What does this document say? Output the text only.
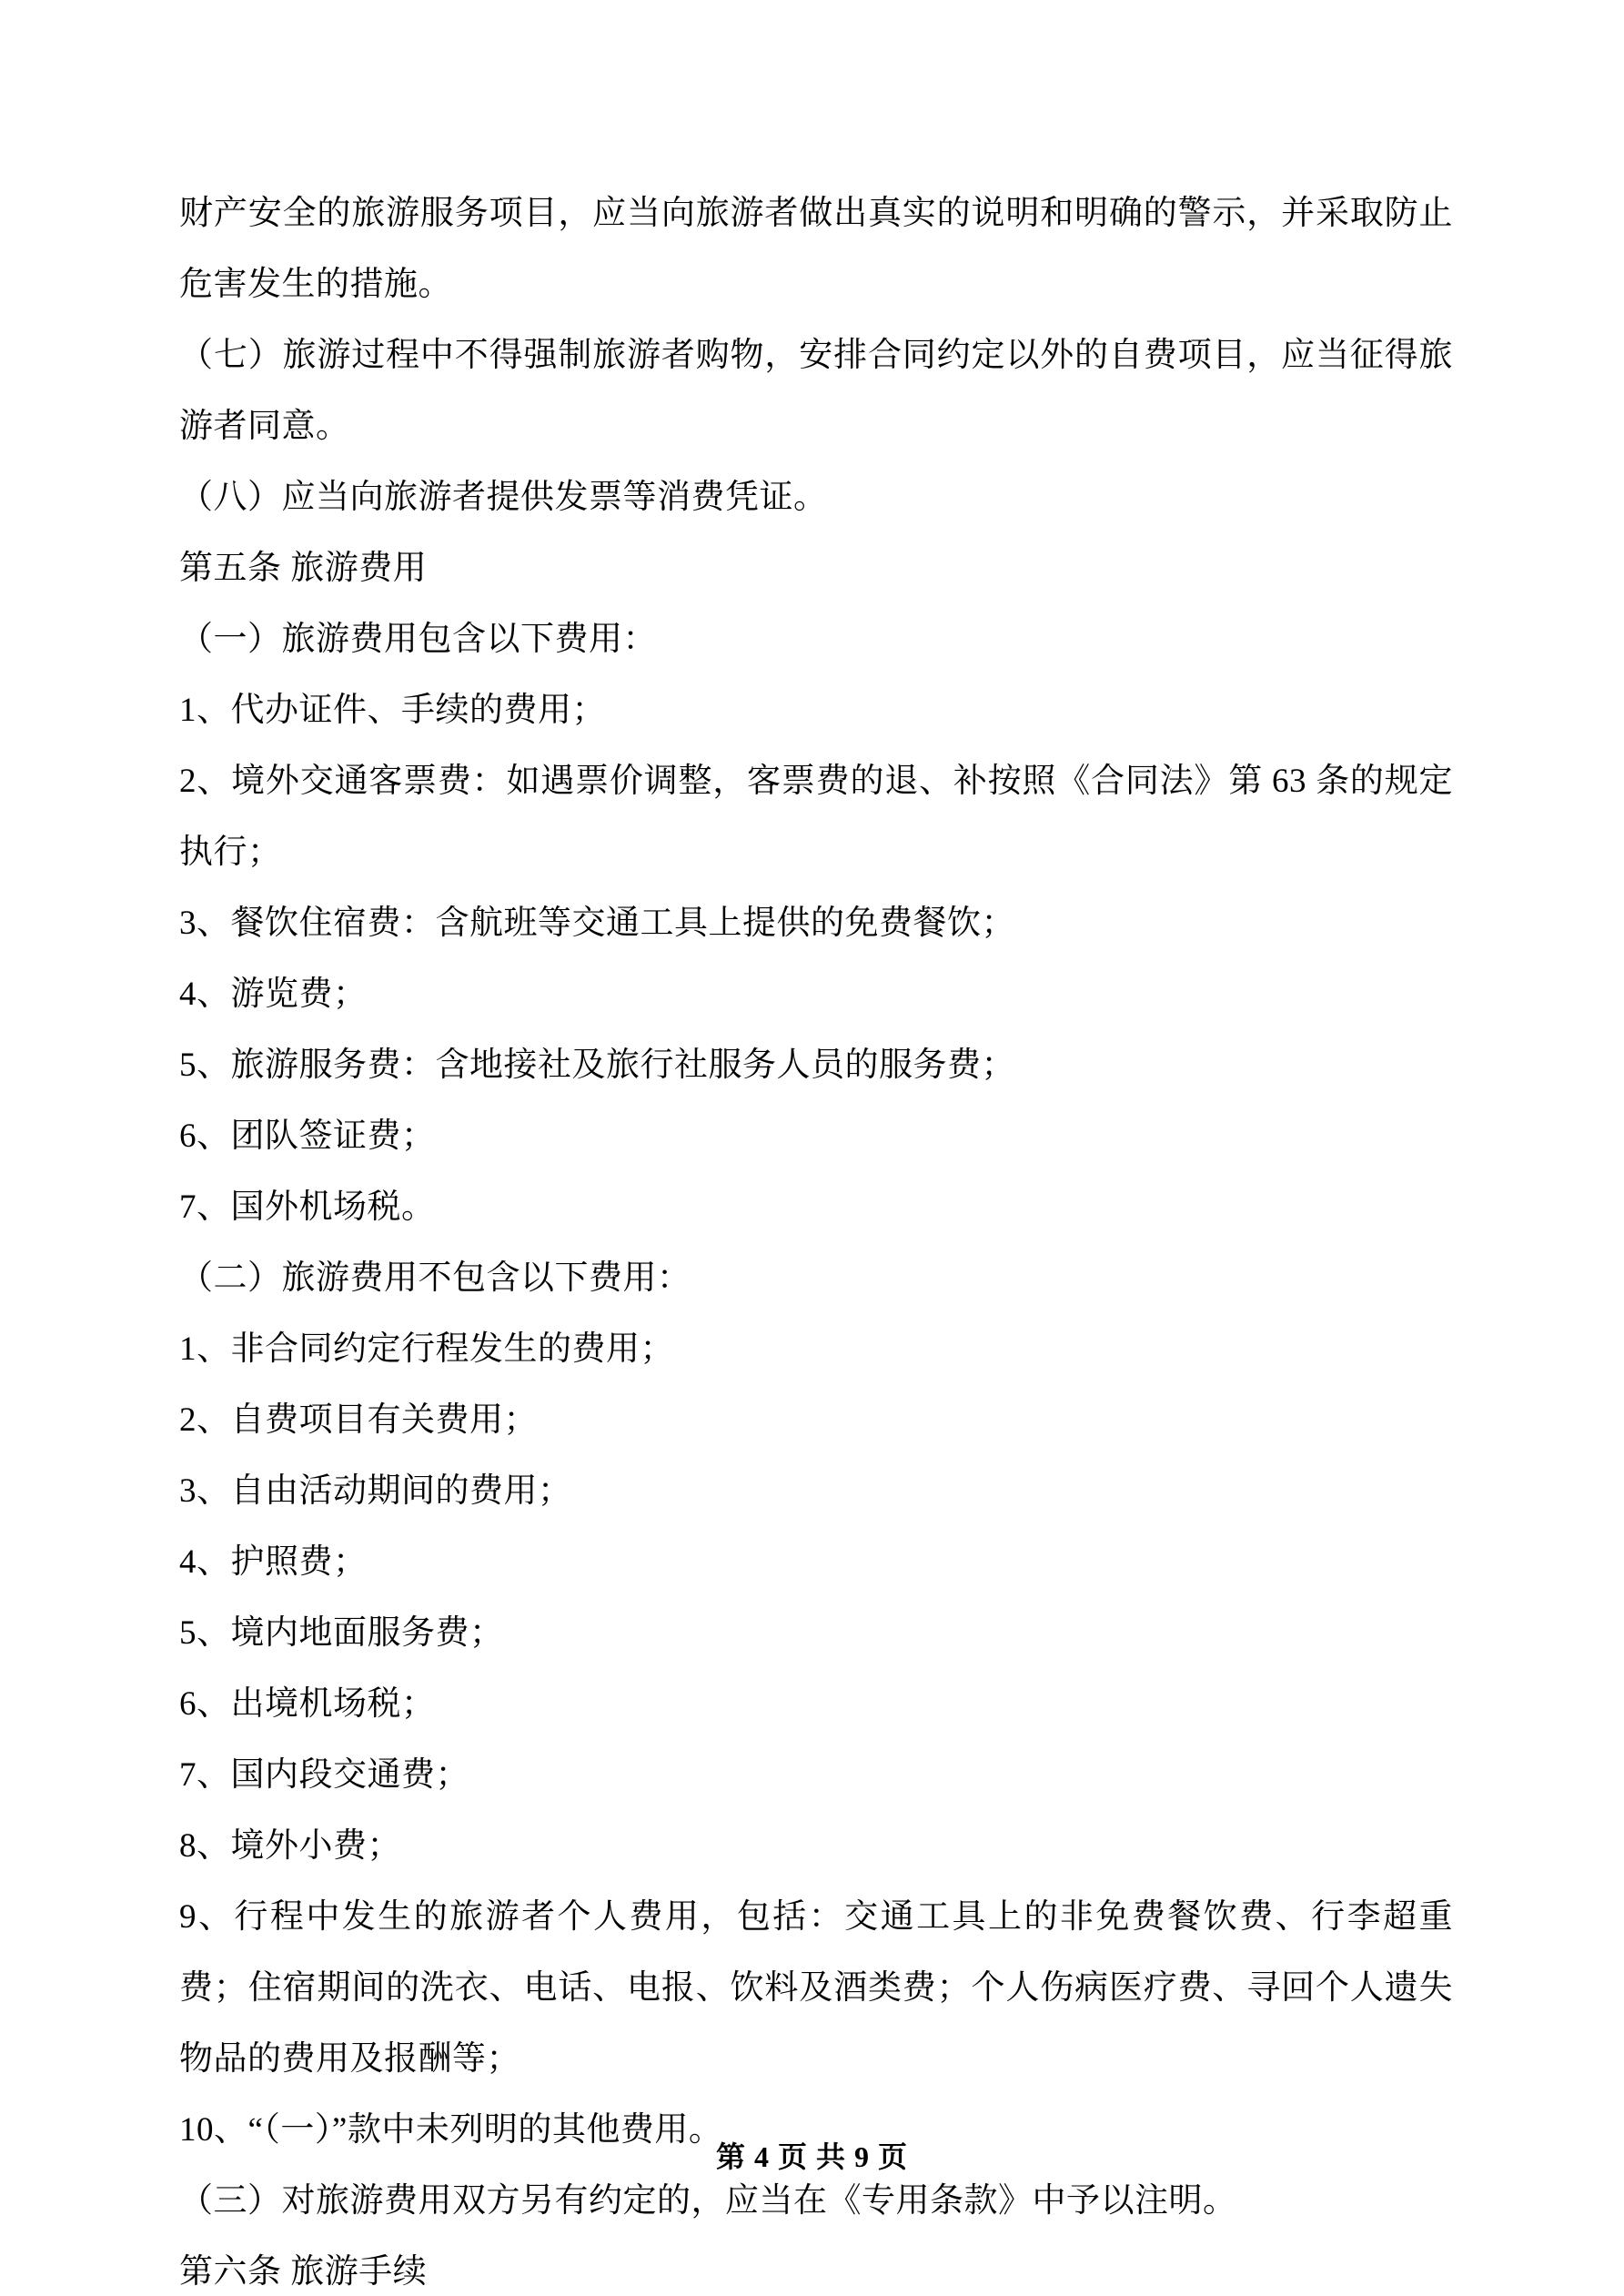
财产安全的旅游服务项目，应当向旅游者做出真实的说明和明确的警示，并采取防止危害发生的措施。

（七）旅游过程中不得强制旅游者购物，安排合同约定以外的自费项目，应当征得旅游者同意。

（八）应当向旅游者提供发票等消费凭证。

第五条 旅游费用

（一）旅游费用包含以下费用：

1、代办证件、手续的费用；

2、境外交通客票费：如遇票价调整，客票费的退、补按照《合同法》第 63 条的规定执行；

3、餐饮住宿费：含航班等交通工具上提供的免费餐饮；

4、游览费；

5、旅游服务费：含地接社及旅行社服务人员的服务费；

6、团队签证费；

7、国外机场税。

（二）旅游费用不包含以下费用：

1、非合同约定行程发生的费用；

2、自费项目有关费用；

3、自由活动期间的费用；

4、护照费；

5、境内地面服务费；

6、出境机场税；

7、国内段交通费；

8、境外小费；

9、行程中发生的旅游者个人费用，包括：交通工具上的非免费餐饮费、行李超重费；住宿期间的洗衣、电话、电报、饮料及酒类费；个人伤病医疗费、寻回个人遗失物品的费用及报酬等；

10、“（一）”款中未列明的其他费用。

（三）对旅游费用双方另有约定的，应当在《专用条款》中予以注明。

第六条 旅游手续

第 4 页 共 9 页
